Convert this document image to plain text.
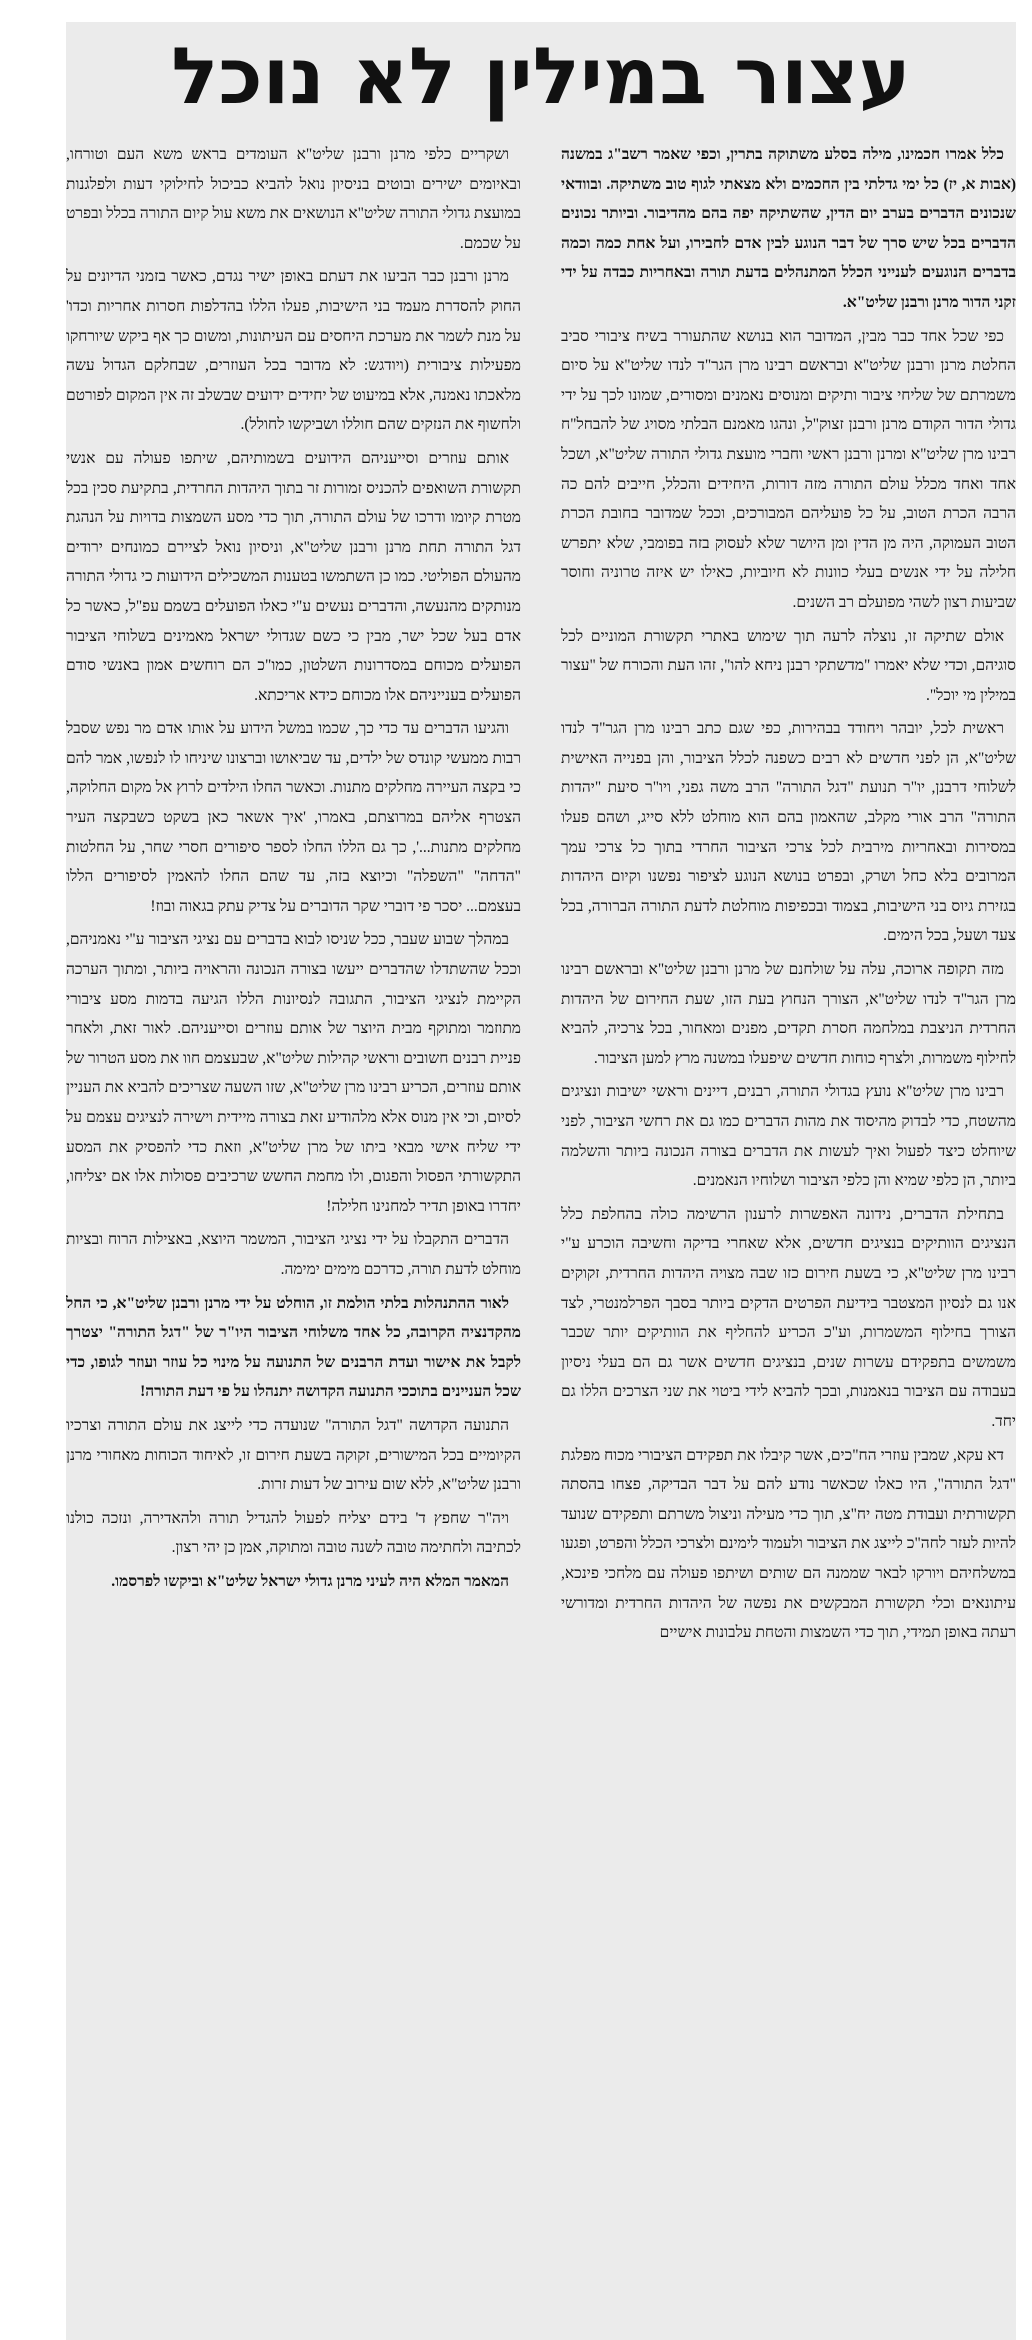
עצור במילין לא נוכל

כלל אמרו חכמינו, מילה בסלע משתוקה בתרין, וכפי שאמר רשב"ג במשנה (אבות א, יז) כל ימי גדלתי בין החכמים ולא מצאתי לגוף טוב משתיקה. ובוודאי שנכונים הדברים בערב יום הדין, שהשתיקה יפה בהם מהדיבור. וביותר נכונים הדברים בכל שיש סרך של דבר הנוגע לבין אדם לחבירו, ועל אחת כמה וכמה בדברים הנוגעים לענייני הכלל המתנהלים בדעת תורה ובאחריות כבדה על ידי זקני הדור מרנן ורבנן שליט"א.

כפי שכל אחד כבר מבין, המדובר הוא בנושא שהתעורר בשיח ציבורי סביב החלטת מרנן ורבנן שליט"א ובראשם רבינו מרן הגר"ד לנדו שליט"א על סיום משמרתם של שליחי ציבור ותיקים ומנוסים נאמנים ומסורים, שמונו לכך על ידי גדולי הדור הקודם מרנן ורבנן זצוק"ל, ונהגו מאמנם הבלתי מסויג של להבחל"ח רבינו מרן שליט"א ומרנן ורבנן ראשי וחברי מועצת גדולי התורה שליט"א, ושכל אחד ואחד מכלל עולם התורה מזה דורות, היחידים והכלל, חייבים להם כה הרבה הכרת הטוב, על כל פועליהם המבורכים, וככל שמדובר בחובת הכרת הטוב העמוקה, היה מן הדין ומן היושר שלא לעסוק בזה בפומבי, שלא יתפרש חלילה על ידי אנשים בעלי כוונות לא חיוביות, כאילו יש איזה טרוניה וחוסר שביעות רצון לשהי מפועלם רב השנים.

אולם שתיקה זו, נוצלה לרעה תוך שימוש באתרי תקשורת המוניים לכל סוגיהם, וכדי שלא יאמרו "מדשתקי רבנן ניחא להו", זהו העת והכורח של "עצור במילין מי יוכל".

ראשית לכל, יובהר ויחודד בבהירות, כפי שגם כתב רבינו מרן הגר"ד לנדו שליט"א, הן לפני חדשים לא רבים כשפנה לכלל הציבור, והן בפנייה האישית לשלוחי דרבנן, יו"ר תנועת "דגל התורה" הרב משה גפני, ויו"ר סיעת "יהדות התורה" הרב אורי מקלב, שהאמון בהם הוא מוחלט ללא סייג, ושהם פעלו במסירות ובאחריות מירבית לכל צרכי הציבור החרדי בתוך כל צרכי עמך המרובים בלא כחל ושרק, ובפרט בנושא הנוגע לציפור נפשנו וקיום היהדות בגזירת גיוס בני הישיבות, בצמוד ובכפיפות מוחלטת לדעת התורה הברורה, בכל צעד ושעל, בכל הימים.

מזה תקופה ארוכה, עלה על שולחנם של מרנן ורבנן שליט"א ובראשם רבינו מרן הגר"ד לנדו שליט"א, הצורך הנחוץ בעת הזו, שעת החירום של היהדות החרדית הניצבת במלחמה חסרת תקדים, מפנים ומאחור, בכל צרכיה, להביא לחילוף משמרות, ולצרף כוחות חדשים שיפעלו במשנה מרץ למען הציבור.

רבינו מרן שליט"א נועץ בגדולי התורה, רבנים, דיינים וראשי ישיבות ונציגים מהשטח, כדי לבדוק מהיסוד את מהות הדברים כמו גם את רחשי הציבור, לפני שיוחלט כיצד לפעול ואיך לעשות את הדברים בצורה הנכונה ביותר והשלמה ביותר, הן כלפי שמיא והן כלפי הציבור ושלוחיו הנאמנים.

בתחילת הדברים, נידונה האפשרות לרענון הרשימה כולה בהחלפת כלל הנציגים הוותיקים בנציגים חדשים, אלא שאחרי בדיקה וחשיבה הוכרע ע"י רבינו מרן שליט"א, כי בשעת חירום כזו שבה מצויה היהדות החרדית, זקוקים אנו גם לנסיון המצטבר בידיעת הפרטים הדקים ביותר בסבך הפרלמנטרי, לצד הצורך בחילוף המשמרות, וע"כ הכריע להחליף את הוותיקים יותר שכבר משמשים בתפקידם עשרות שנים, בנציגים חדשים אשר גם הם בעלי ניסיון בעבודה עם הציבור בנאמנות, ובכך להביא לידי ביטוי את שני הצרכים הללו גם יחד.

דא עקא, שמבין עוזרי הח"כים, אשר קיבלו את תפקידם הציבורי מכוח מפלגת "דגל התורה", היו כאלו שכאשר נודע להם על דבר הבדיקה, פצחו בהסתה תקשורתית ועבודת מטה יח"צ, תוך כדי מעילה וניצול משרתם ותפקידם שנועד להיות לעזר לחה"כ לייצג את הציבור ולעמוד לימינם ולצרכי הכלל והפרט, ופגעו במשלחיהם ויורקו לבאר שממנה הם שותים ושיתפו פעולה עם מלחכי פינכא, עיתונאים וכלי תקשורת המבקשים את נפשה של היהדות החרדית ומדורשי רעתה באופן תמידי, תוך כדי השמצות והטחת עלבונות אישיים

ושקריים כלפי מרנן ורבנן שליט"א העומדים בראש משא העם וטורחו, ובאיומים ישירים ובוטים בניסיון נואל להביא כביכול לחילוקי דעות ולפלגנות במועצת גדולי התורה שליט"א הנושאים את משא עול קיום התורה בכלל ובפרט על שכמם.

מרנן ורבנן כבר הביעו את דעתם באופן ישיר נגדם, כאשר בזמני הדיונים על החוק להסדרת מעמד בני הישיבות, פעלו הללו בהדלפות חסרות אחריות וכדו' על מנת לשמר את מערכת היחסים עם העיתונות, ומשום כך אף ביקש שיורחקו מפעילות ציבורית (ויודגש: לא מדובר בכל העוזרים, שבחלקם הגדול עשה מלאכתו נאמנה, אלא במיעוט של יחידים ידועים שבשלב זה אין המקום לפורטם ולחשוף את הנזקים שהם חוללו ושביקשו לחולל).

אותם עוזרים וסייעניהם הידועים בשמותיהם, שיתפו פעולה עם אנשי תקשורת השואפים להכניס זמורות זר בתוך היהדות החרדית, בתקיעת סכין בכל מטרת קיומו ודרכו של עולם התורה, תוך כדי מסע השמצות בדויות על הנהגת דגל התורה תחת מרנן ורבנן שליט"א, וניסיון נואל לציירם כמונחים ירודים מהעולם הפוליטי. כמו כן השתמשו בטענות המשכילים הידועות כי גדולי התורה מנותקים מהנעשה, והדברים נעשים ע"י כאלו הפועלים בשמם עפ"ל, כאשר כל אדם בעל שכל ישר, מבין כי כשם שגדולי ישראל מאמינים בשלוחי הציבור הפועלים מכוחם במסדרונות השלטון, כמו"כ הם רוחשים אמון באנשי סודם הפועלים בענייניהם אלו מכוחם כידא אריכתא.

והגיעו הדברים עד כדי כך, שכמו במשל הידוע על אותו אדם מר נפש שסבל רבות ממעשי קונדס של ילדים, עד שביאושו וברצונו שיניחו לו לנפשו, אמר להם כי בקצה העיירה מחלקים מתנות. וכאשר החלו הילדים לרוץ אל מקום החלוקה, הצטרף אליהם במרוצתם, באמרו, 'איך אשאר כאן בשקט כשבקצה העיר מחלקים מתנות...', כך גם הללו החלו לספר סיפורים חסרי שחר, על החלטות "הדחה" "השפלה" וכיוצא בזה, עד שהם החלו להאמין לסיפורים הללו בעצמם... יסכר פי דוברי שקר הדוברים על צדיק עתק בגאוה ובוז!

במהלך שבוע שעבר, ככל שניסו לבוא בדברים עם נציגי הציבור ע"י נאמניהם, וככל שהשתדלו שהדברים ייעשו בצורה הנכונה והראויה ביותר, ומתוך הערכה הקיימת לנציגי הציבור, התגובה לנסיונות הללו הגיעה בדמות מסע ציבורי מתוזמר ומתוקף מבית היוצר של אותם עוזרים וסייעניהם. לאור זאת, ולאחר פניית רבנים חשובים וראשי קהילות שליט"א, שבעצמם חוו את מסע הטרור של אותם עוזרים, הכריע רבינו מרן שליט"א, שזו השעה שצריכים להביא את העניין לסיום, וכי אין מנוס אלא מלהודיע זאת בצורה מיידית וישירה לנציגים עצמם על ידי שליח אישי מבאי ביתו של מרן שליט"א, וזאת כדי להפסיק את המסע התקשורתי הפסול והפגום, ולו מחמת החשש שרכיבים פסולות אלו אם יצליחו, יחדרו באופן תדיר למחנינו חלילה!

הדברים התקבלו על ידי נציגי הציבור, המשמר היוצא, באצילות הרוח ובציות מוחלט לדעת תורה, כדרכם מימים ימימה.

לאור ההתנהלות בלתי הולמת זו, הוחלט על ידי מרנן ורבנן שליט"א, כי החל מהקדנציה הקרובה, כל אחד משלוחי הציבור היו"ר של "דגל התורה" יצטרך לקבל את אישור ועדת הרבנים של התנועה על מינוי כל עוזר ועוזר לגופו, כדי שכל העניינים בתוככי התנועה הקדושה יתנהלו על פי דעת התורה!

התנועה הקדושה "דגל התורה" שנועדה כדי לייצג את עולם התורה וצרכיו הקיומיים בכל המישורים, זקוקה בשעת חירום זו, לאיחוד הכוחות מאחורי מרנן ורבנן שליט"א, ללא שום עירוב של דעות זרות.

ויה"ר שחפץ ד' בידם יצליח לפעול להגדיל תורה ולהאדירה, ונזכה כולנו לכתיבה ולחתימה טובה לשנה טובה ומתוקה, אמן כן יהי רצון.

המאמר המלא היה לעיני מרנן גדולי ישראל שליט"א וביקשו לפרסמו.
